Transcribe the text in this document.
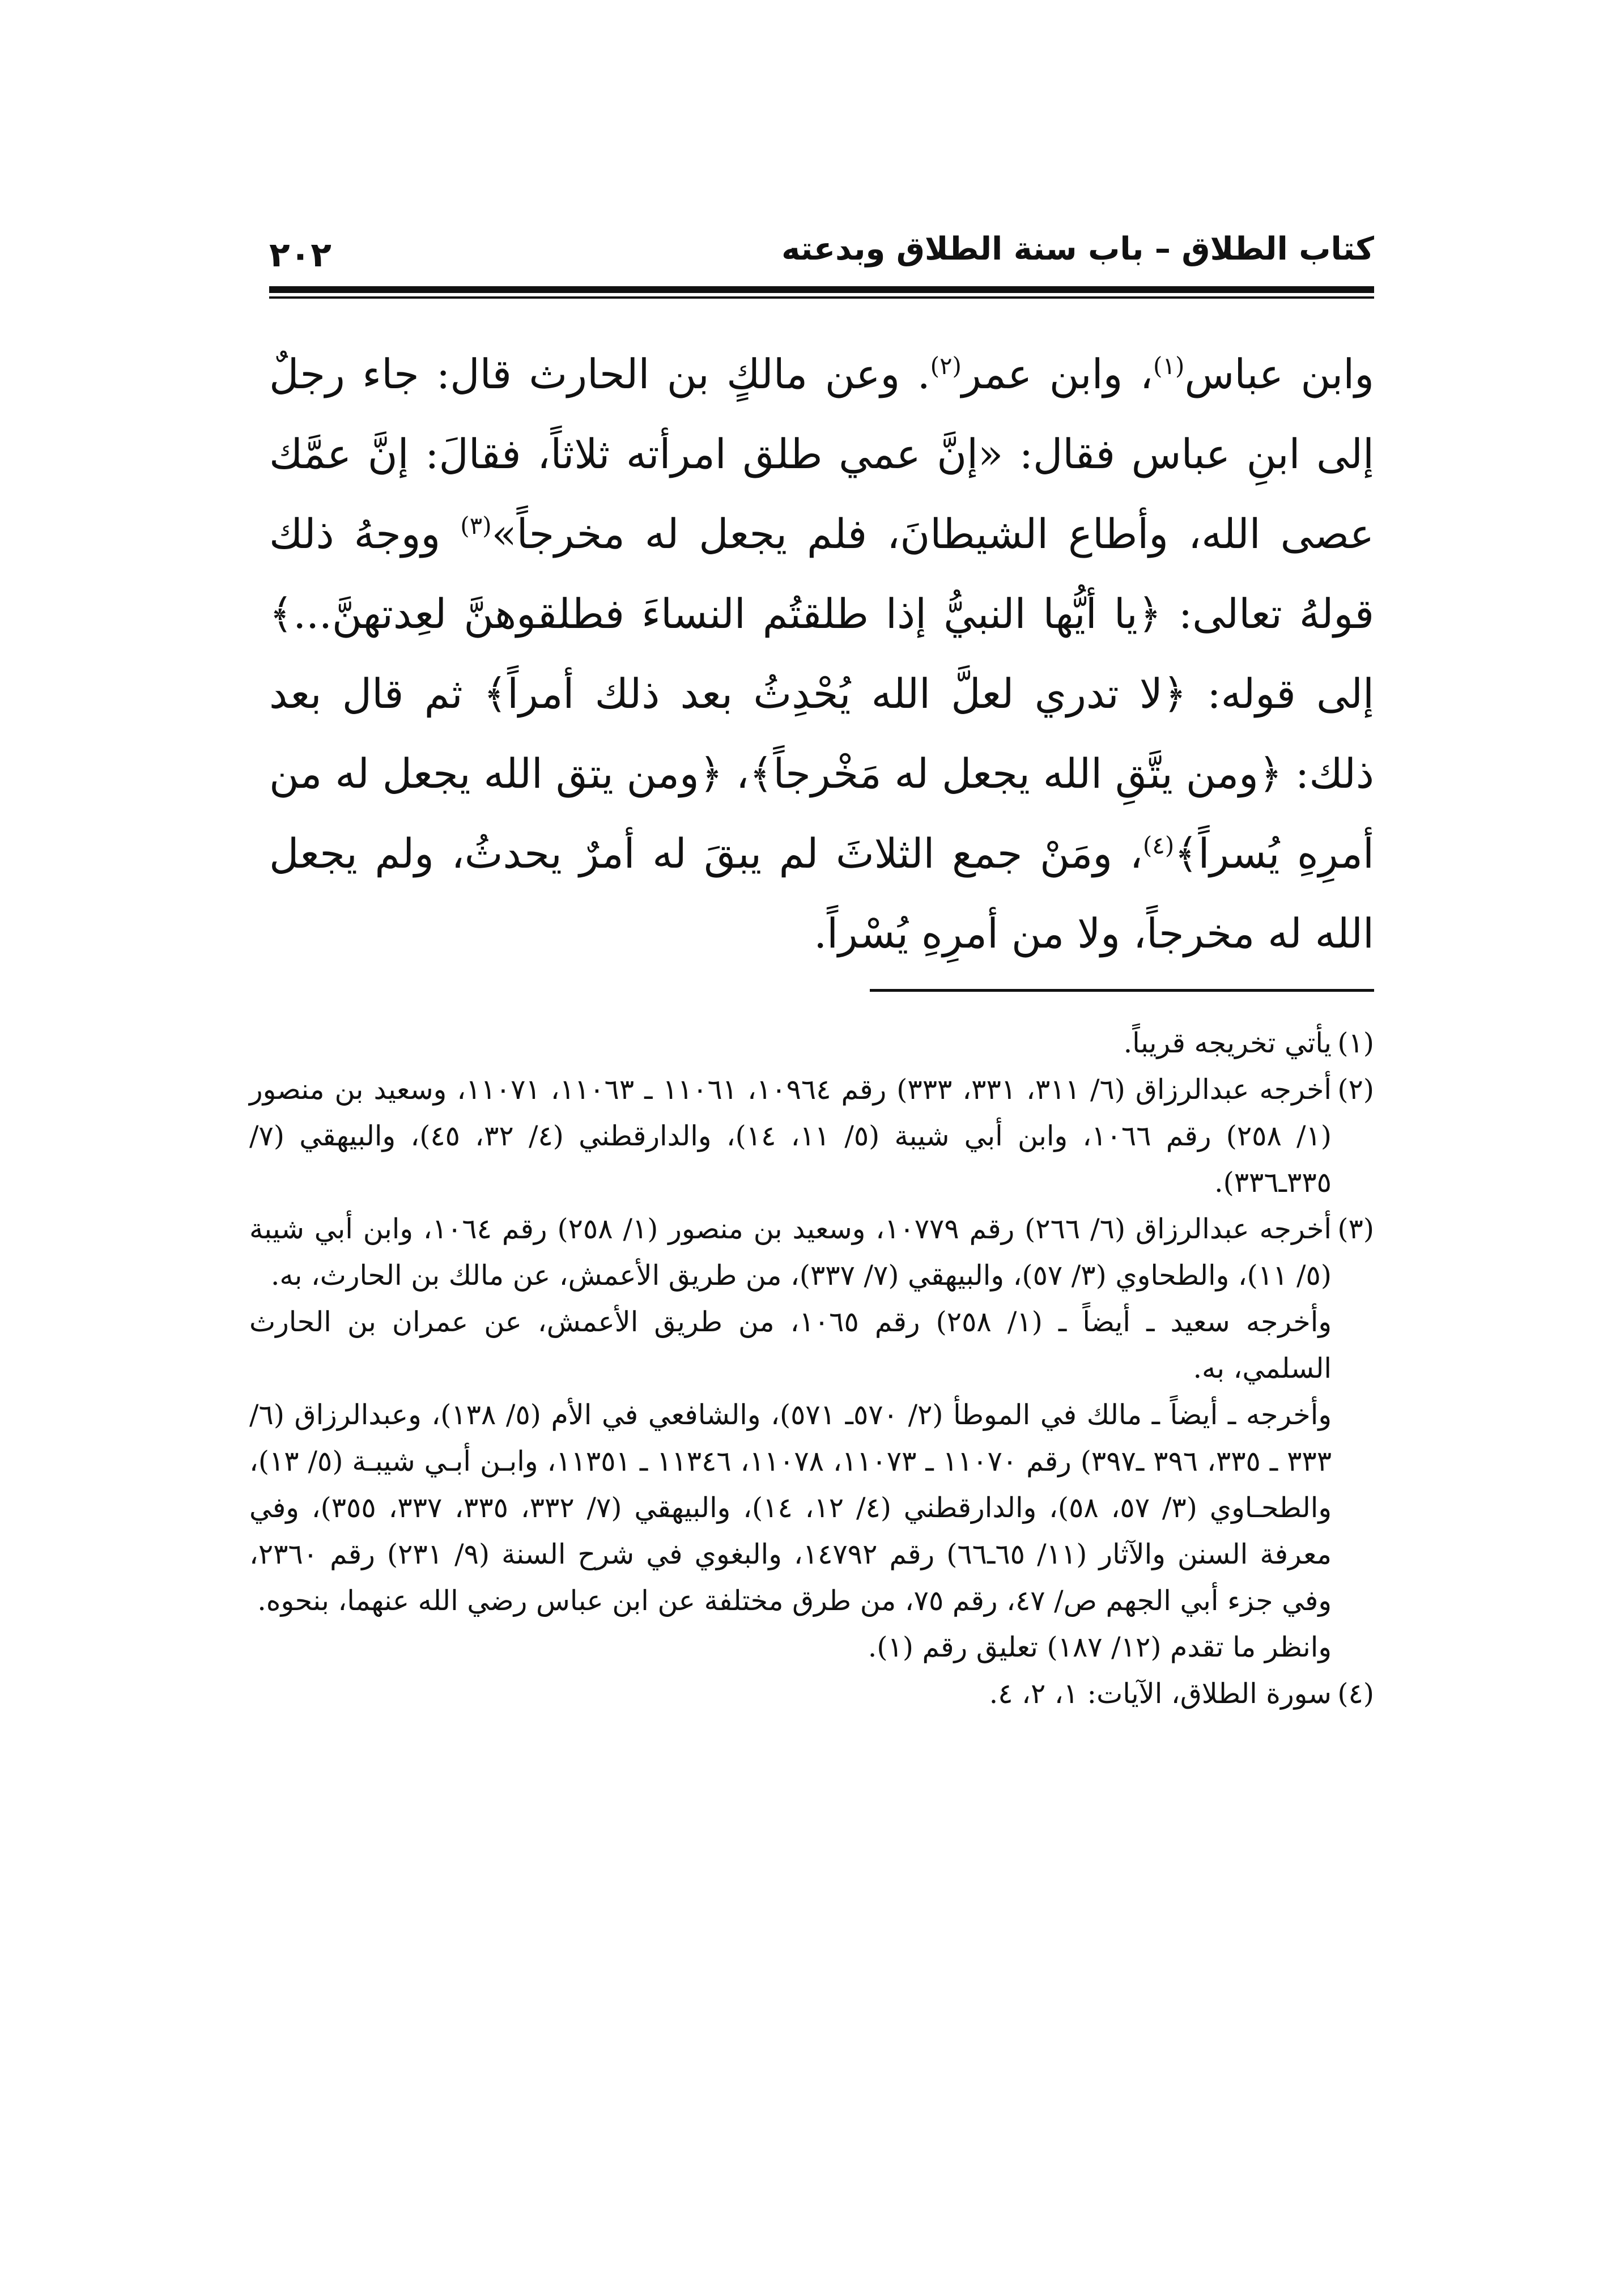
كتاب الطلاق – باب سنة الطلاق وبدعته
٢٠٢

وابن عباس$^{(١)}$، وابن عمر$^{(٢)}$. وعن مالكٍ بن الحارث قال: جاء رجلٌ إلى ابنِ عباس فقال: «إنَّ عمي طلق امرأته ثلاثاً، فقالَ: إنَّ عمَّك عصى الله، وأطاع الشيطانَ، فلم يجعل له مخرجاً»$^{(٣)}$ ووجهُ ذلك قولهُ تعالى: ﴿يا أيُّها النبيُّ إذا طلقتُم النساءَ فطلقوهنَّ لعِدتهنَّ...﴾ إلى قوله: ﴿لا تدري لعلَّ الله يُحْدِثُ بعد ذلك أمراً﴾ ثم قال بعد ذلك: ﴿ومن يتَّقِ الله يجعل له مَخْرجاً﴾، ﴿ومن يتق الله يجعل له من أمرِهِ يُسراً﴾$^{(٤)}$، ومَنْ جمع الثلاثَ لم يبقَ له أمرٌ يحدثُ، ولم يجعل الله له مخرجاً، ولا من أمرِهِ يُسْراً.

(١)

يأتي تخريجه قريباً.

(٢)

أخرجه عبدالرزاق (٦/ ٣١١، ٣٣١، ٣٣٣) رقم ١٠٩٦٤، ١١٠٦١ ـ ١١٠٦٣، ١١٠٧١، وسعيد بن منصور (١/ ٢٥٨) رقم ١٠٦٦، وابن أبي شيبة (٥/ ١١، ١٤)، والدارقطني (٤/ ٣٢، ٤٥)، والبيهقي (٧/ ٣٣٥ـ٣٣٦).

(٣)

أخرجه عبدالرزاق (٦/ ٢٦٦) رقم ١٠٧٧٩، وسعيد بن منصور (١/ ٢٥٨) رقم ١٠٦٤، وابن أبي شيبة (٥/ ١١)، والطحاوي (٣/ ٥٧)، والبيهقي (٧/ ٣٣٧)، من طريق الأعمش، عن مالك بن الحارث، به.

وأخرجه سعيد ـ أيضاً ـ (١/ ٢٥٨) رقم ١٠٦٥، من طريق الأعمش، عن عمران بن الحارث السلمي، به.

وأخرجه ـ أيضاً ـ مالك في الموطأ (٢/ ٥٧٠ـ ٥٧١)، والشافعي في الأم (٥/ ١٣٨)، وعبدالرزاق (٦/ ٣٣٣ ـ ٣٣٥، ٣٩٦ ـ٣٩٧) رقم ١١٠٧٠ ـ ١١٠٧٣، ١١٠٧٨، ١١٣٤٦ ـ ١١٣٥١، وابـن أبـي شيبـة (٥/ ١٣)، والطحـاوي (٣/ ٥٧، ٥٨)، والدارقطني (٤/ ١٢، ١٤)، والبيهقي (٧/ ٣٣٢، ٣٣٥، ٣٣٧، ٣٥٥)، وفي معرفة السنن والآثار (١١/ ٦٥ـ٦٦) رقم ١٤٧٩٢، والبغوي في شرح السنة (٩/ ٢٣١) رقم ٢٣٦٠، وفي جزء أبي الجهم ص/ ٤٧، رقم ٧٥، من طرق مختلفة عن ابن عباس رضي الله عنهما، بنحوه.

وانظر ما تقدم (١٢/ ١٨٧) تعليق رقم (١).

(٤)

سورة الطلاق، الآيات: ١، ٢، ٤.
